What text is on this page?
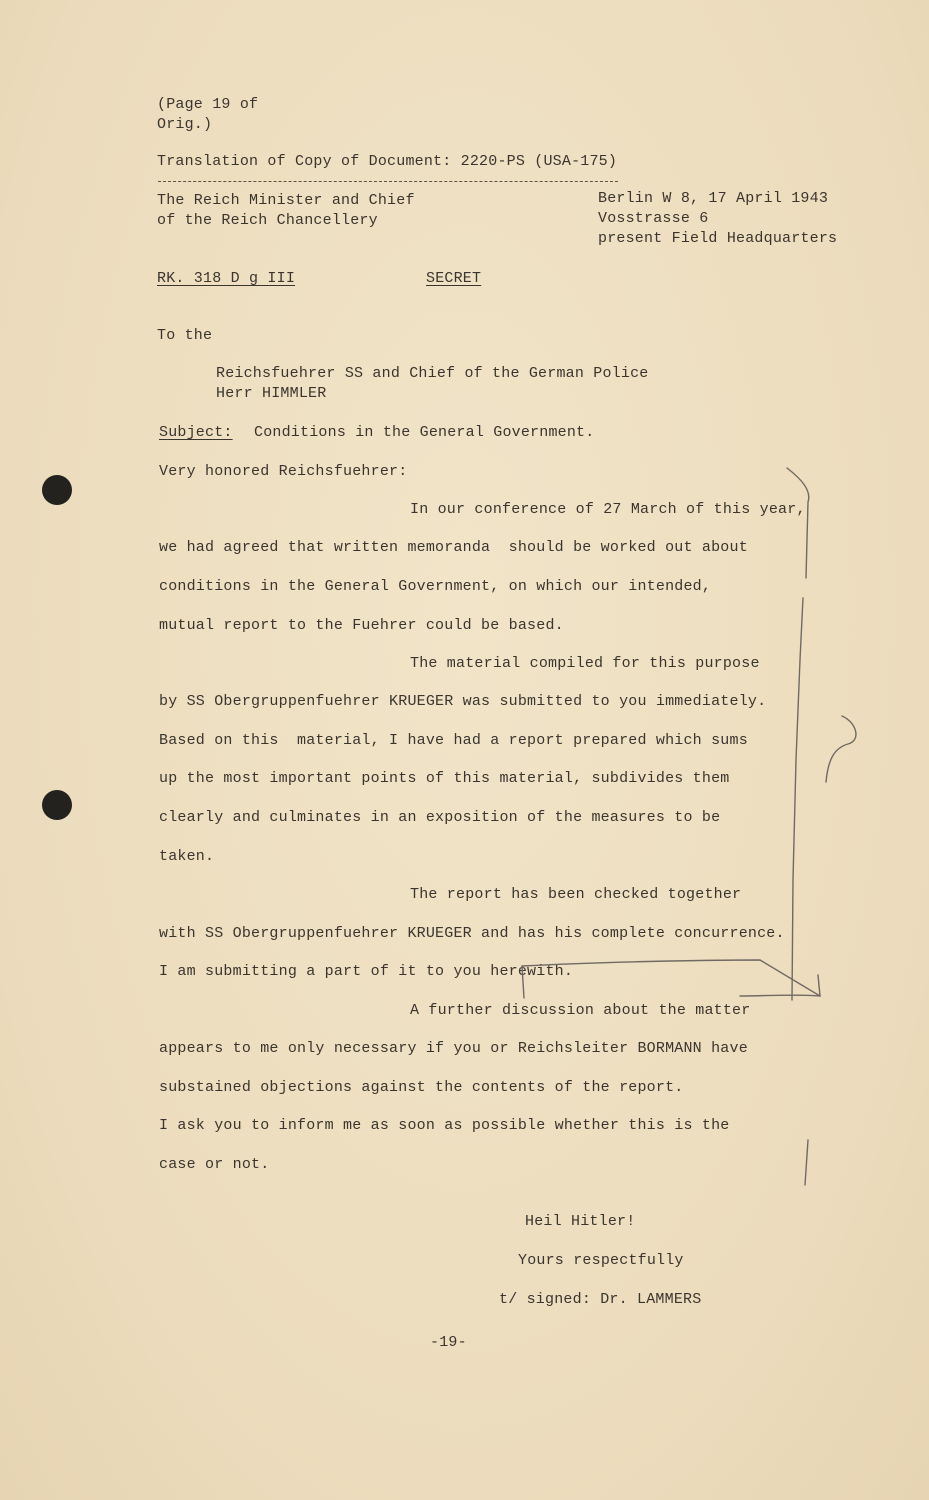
(Page 19 of
Orig.)
Translation of Copy of Document: 2220-PS (USA-175)
The Reich Minister and Chief
of the Reich Chancellery
Berlin W 8, 17 April 1943
Vosstrasse 6
present Field Headquarters
RK. 318 D g III	SECRET
To the
Reichsfuehrer SS and Chief of the German Police
Herr HIMMLER
Subject: Conditions in the General Government.
Very honored Reichsfuehrer:
In our conference of 27 March of this year,
we had agreed that written memoranda  should be worked out about
conditions in the General Government, on which our intended,
mutual report to the Fuehrer could be based.
The material compiled for this purpose
by SS Obergruppenfuehrer KRUEGER was submitted to you immediately.
Based on this  material, I have had a report prepared which sums
up the most important points of this material, subdivides them
clearly and culminates in an exposition of the measures to be
taken.
The report has been checked together
with SS Obergruppenfuehrer KRUEGER and has his complete concurrence.
I am submitting a part of it to you herewith.
A further discussion about the matter
appears to me only necessary if you or Reichsleiter BORMANN have
substained objections against the contents of the report.
I ask you to inform me as soon as possible whether this is the
case or not.
Heil Hitler!
Yours respectfully
t/ signed: Dr. LAMMERS
-19-
